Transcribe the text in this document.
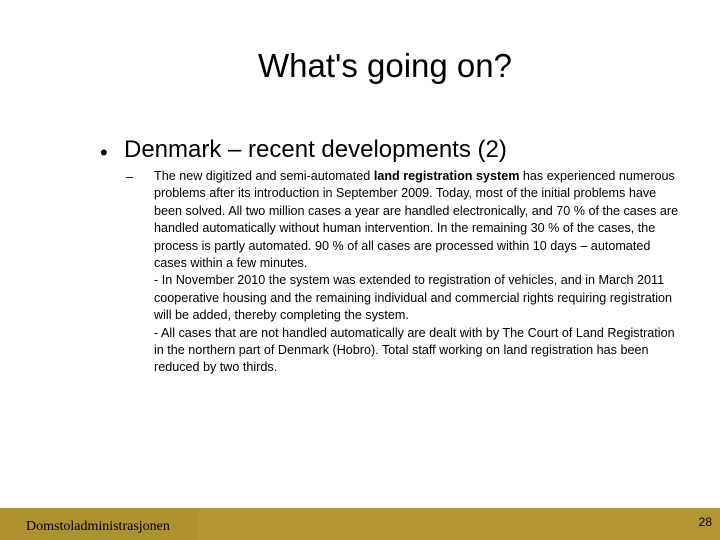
What's going on?
• Denmark – recent developments (2)
– The new digitized and semi-automated land registration system has experienced numerous problems after its introduction in September 2009. Today, most of the initial problems have been solved. All two million cases a year are handled electronically, and 70 % of the cases are handled automatically without human intervention. In the remaining 30 % of the cases, the process is partly automated. 90 % of all cases are processed within 10 days – automated cases within a few minutes.

- In November 2010 the system was extended to registration of vehicles, and in March 2011 cooperative housing and the remaining individual and commercial rights requiring registration will be added, thereby completing the system.

- All cases that are not handled automatically are dealt with by The Court of Land Registration in the northern part of Denmark (Hobro). Total staff working on land registration has been reduced by two thirds.

Domstoladministrasjonen	28
